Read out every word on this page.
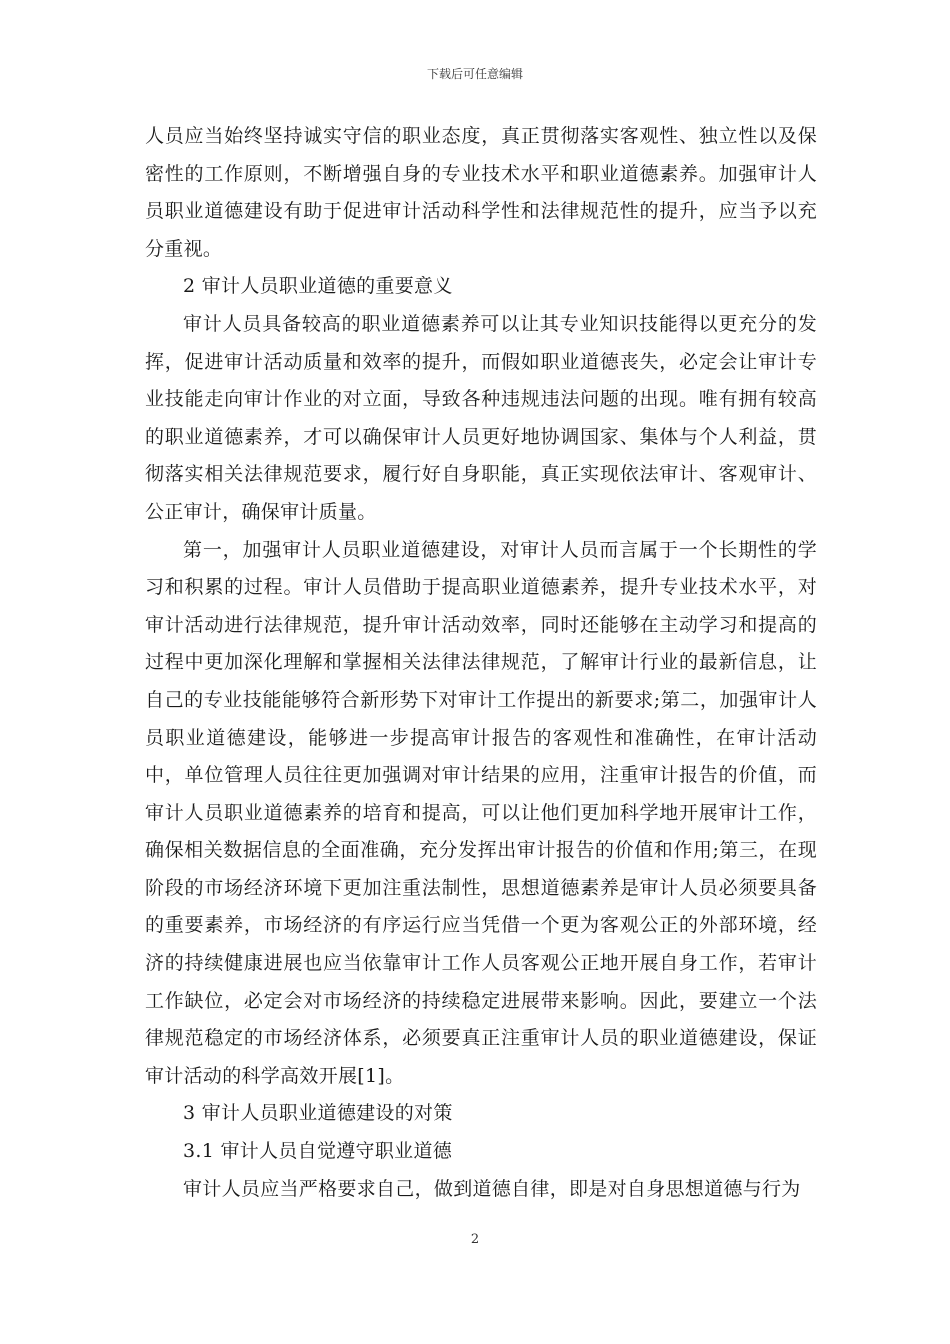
下载后可任意编辑

人员应当始终坚持诚实守信的职业态度，真正贯彻落实客观性、独立性以及保密性的工作原则，不断增强自身的专业技术水平和职业道德素养。加强审计人员职业道德建设有助于促进审计活动科学性和法律规范性的提升，应当予以充分重视。

2 审计人员职业道德的重要意义

审计人员具备较高的职业道德素养可以让其专业知识技能得以更充分的发挥，促进审计活动质量和效率的提升，而假如职业道德丧失，必定会让审计专业技能走向审计作业的对立面，导致各种违规违法问题的出现。唯有拥有较高的职业道德素养，才可以确保审计人员更好地协调国家、集体与个人利益，贯彻落实相关法律规范要求，履行好自身职能，真正实现依法审计、客观审计、公正审计，确保审计质量。

第一，加强审计人员职业道德建设，对审计人员而言属于一个长期性的学习和积累的过程。审计人员借助于提高职业道德素养，提升专业技术水平，对审计活动进行法律规范，提升审计活动效率，同时还能够在主动学习和提高的过程中更加深化理解和掌握相关法律法律规范，了解审计行业的最新信息，让自己的专业技能能够符合新形势下对审计工作提出的新要求;第二，加强审计人员职业道德建设，能够进一步提高审计报告的客观性和准确性，在审计活动中，单位管理人员往往更加强调对审计结果的应用，注重审计报告的价值，而审计人员职业道德素养的培育和提高，可以让他们更加科学地开展审计工作，确保相关数据信息的全面准确，充分发挥出审计报告的价值和作用;第三，在现阶段的市场经济环境下更加注重法制性，思想道德素养是审计人员必须要具备的重要素养，市场经济的有序运行应当凭借一个更为客观公正的外部环境，经济的持续健康进展也应当依靠审计工作人员客观公正地开展自身工作，若审计工作缺位，必定会对市场经济的持续稳定进展带来影响。因此，要建立一个法律规范稳定的市场经济体系，必须要真正注重审计人员的职业道德建设，保证审计活动的科学高效开展[1]。

3 审计人员职业道德建设的对策

3.1 审计人员自觉遵守职业道德

审计人员应当严格要求自己，做到道德自律，即是对自身思想道德与行为

2
